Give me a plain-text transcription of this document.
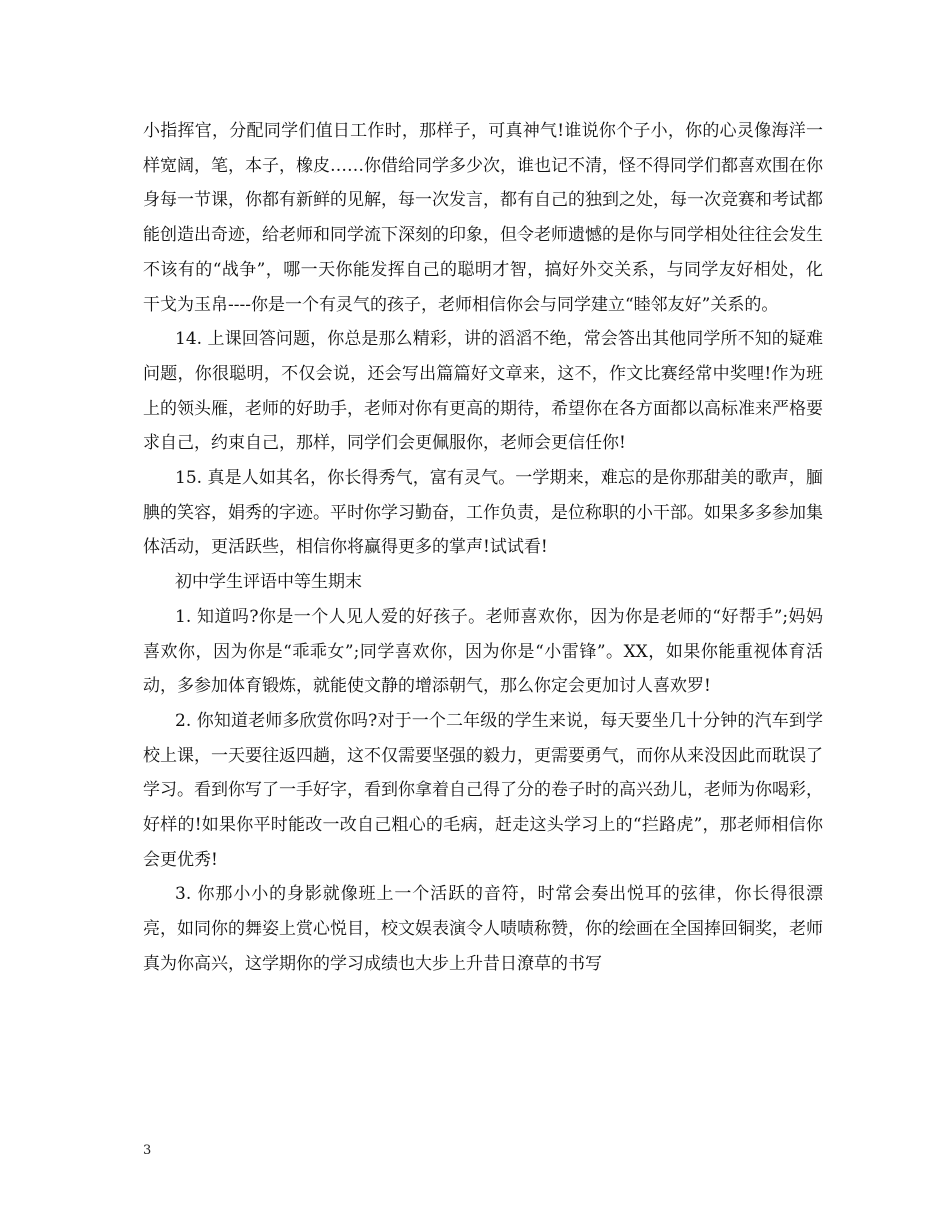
小指挥官，分配同学们值日工作时，那样子，可真神气!谁说你个子小，你的心灵像海洋一样宽阔，笔，本子，橡皮……你借给同学多少次，谁也记不清，怪不得同学们都喜欢围在你身每一节课，你都有新鲜的见解，每一次发言，都有自己的独到之处，每一次竞赛和考试都能创造出奇迹，给老师和同学流下深刻的印象，但令老师遗憾的是你与同学相处往往会发生不该有的“战争”，哪一天你能发挥自己的聪明才智，搞好外交关系，与同学友好相处，化干戈为玉帛----你是一个有灵气的孩子，老师相信你会与同学建立“睦邻友好”关系的。

14. 上课回答问题，你总是那么精彩，讲的滔滔不绝，常会答出其他同学所不知的疑难问题，你很聪明，不仅会说，还会写出篇篇好文章来，这不，作文比赛经常中奖哩!作为班上的领头雁，老师的好助手，老师对你有更高的期待，希望你在各方面都以高标准来严格要求自己，约束自己，那样，同学们会更佩服你，老师会更信任你!

15. 真是人如其名，你长得秀气，富有灵气。一学期来，难忘的是你那甜美的歌声，腼腆的笑容，娟秀的字迹。平时你学习勤奋，工作负责，是位称职的小干部。如果多多参加集体活动，更活跃些，相信你将赢得更多的掌声!试试看!

初中学生评语中等生期末

1. 知道吗?你是一个人见人爱的好孩子。老师喜欢你，因为你是老师的“好帮手”;妈妈喜欢你，因为你是“乖乖女”;同学喜欢你，因为你是“小雷锋”。XX，如果你能重视体育活动，多参加体育锻炼，就能使文静的增添朝气，那么你定会更加讨人喜欢罗!

2. 你知道老师多欣赏你吗?对于一个二年级的学生来说，每天要坐几十分钟的汽车到学校上课，一天要往返四趟，这不仅需要坚强的毅力，更需要勇气，而你从来没因此而耽误了学习。看到你写了一手好字，看到你拿着自己得了分的卷子时的高兴劲儿，老师为你喝彩，好样的!如果你平时能改一改自己粗心的毛病，赶走这头学习上的“拦路虎”，那老师相信你会更优秀!

3. 你那小小的身影就像班上一个活跃的音符，时常会奏出悦耳的弦律，你长得很漂亮，如同你的舞姿上赏心悦目，校文娱表演令人啧啧称赞，你的绘画在全国捧回铜奖，老师真为你高兴，这学期你的学习成绩也大步上升昔日潦草的书写

3
